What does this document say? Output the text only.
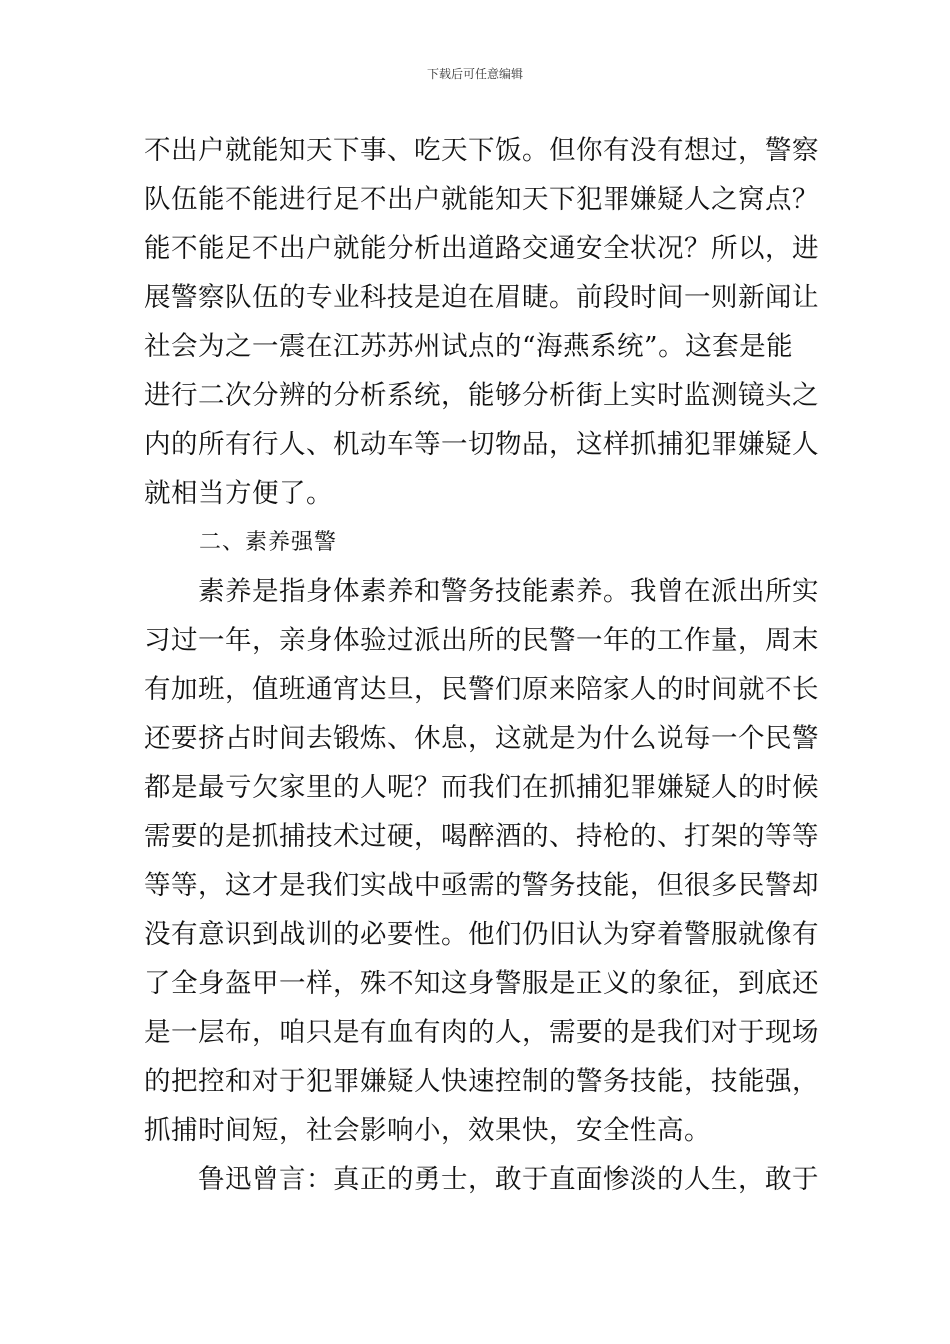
下载后可任意编辑
不出户就能知天下事、吃天下饭。但你有没有想过，警察
队伍能不能进行足不出户就能知天下犯罪嫌疑人之窝点？
能不能足不出户就能分析出道路交通安全状况？所以，进
展警察队伍的专业科技是迫在眉睫。前段时间一则新闻让
社会为之一震在江苏苏州试点的“海燕系统”。这套是能
进行二次分辨的分析系统，能够分析街上实时监测镜头之
内的所有行人、机动车等一切物品，这样抓捕犯罪嫌疑人
就相当方便了。
二、素养强警
素养是指身体素养和警务技能素养。我曾在派出所实
习过一年，亲身体验过派出所的民警一年的工作量，周末
有加班，值班通宵达旦，民警们原来陪家人的时间就不长
还要挤占时间去锻炼、休息，这就是为什么说每一个民警
都是最亏欠家里的人呢？而我们在抓捕犯罪嫌疑人的时候
需要的是抓捕技术过硬，喝醉酒的、持枪的、打架的等等
等等，这才是我们实战中亟需的警务技能，但很多民警却
没有意识到战训的必要性。他们仍旧认为穿着警服就像有
了全身盔甲一样，殊不知这身警服是正义的象征，到底还
是一层布，咱只是有血有肉的人，需要的是我们对于现场
的把控和对于犯罪嫌疑人快速控制的警务技能，技能强，
抓捕时间短，社会影响小，效果快，安全性高。
鲁迅曾言：真正的勇士，敢于直面惨淡的人生，敢于
